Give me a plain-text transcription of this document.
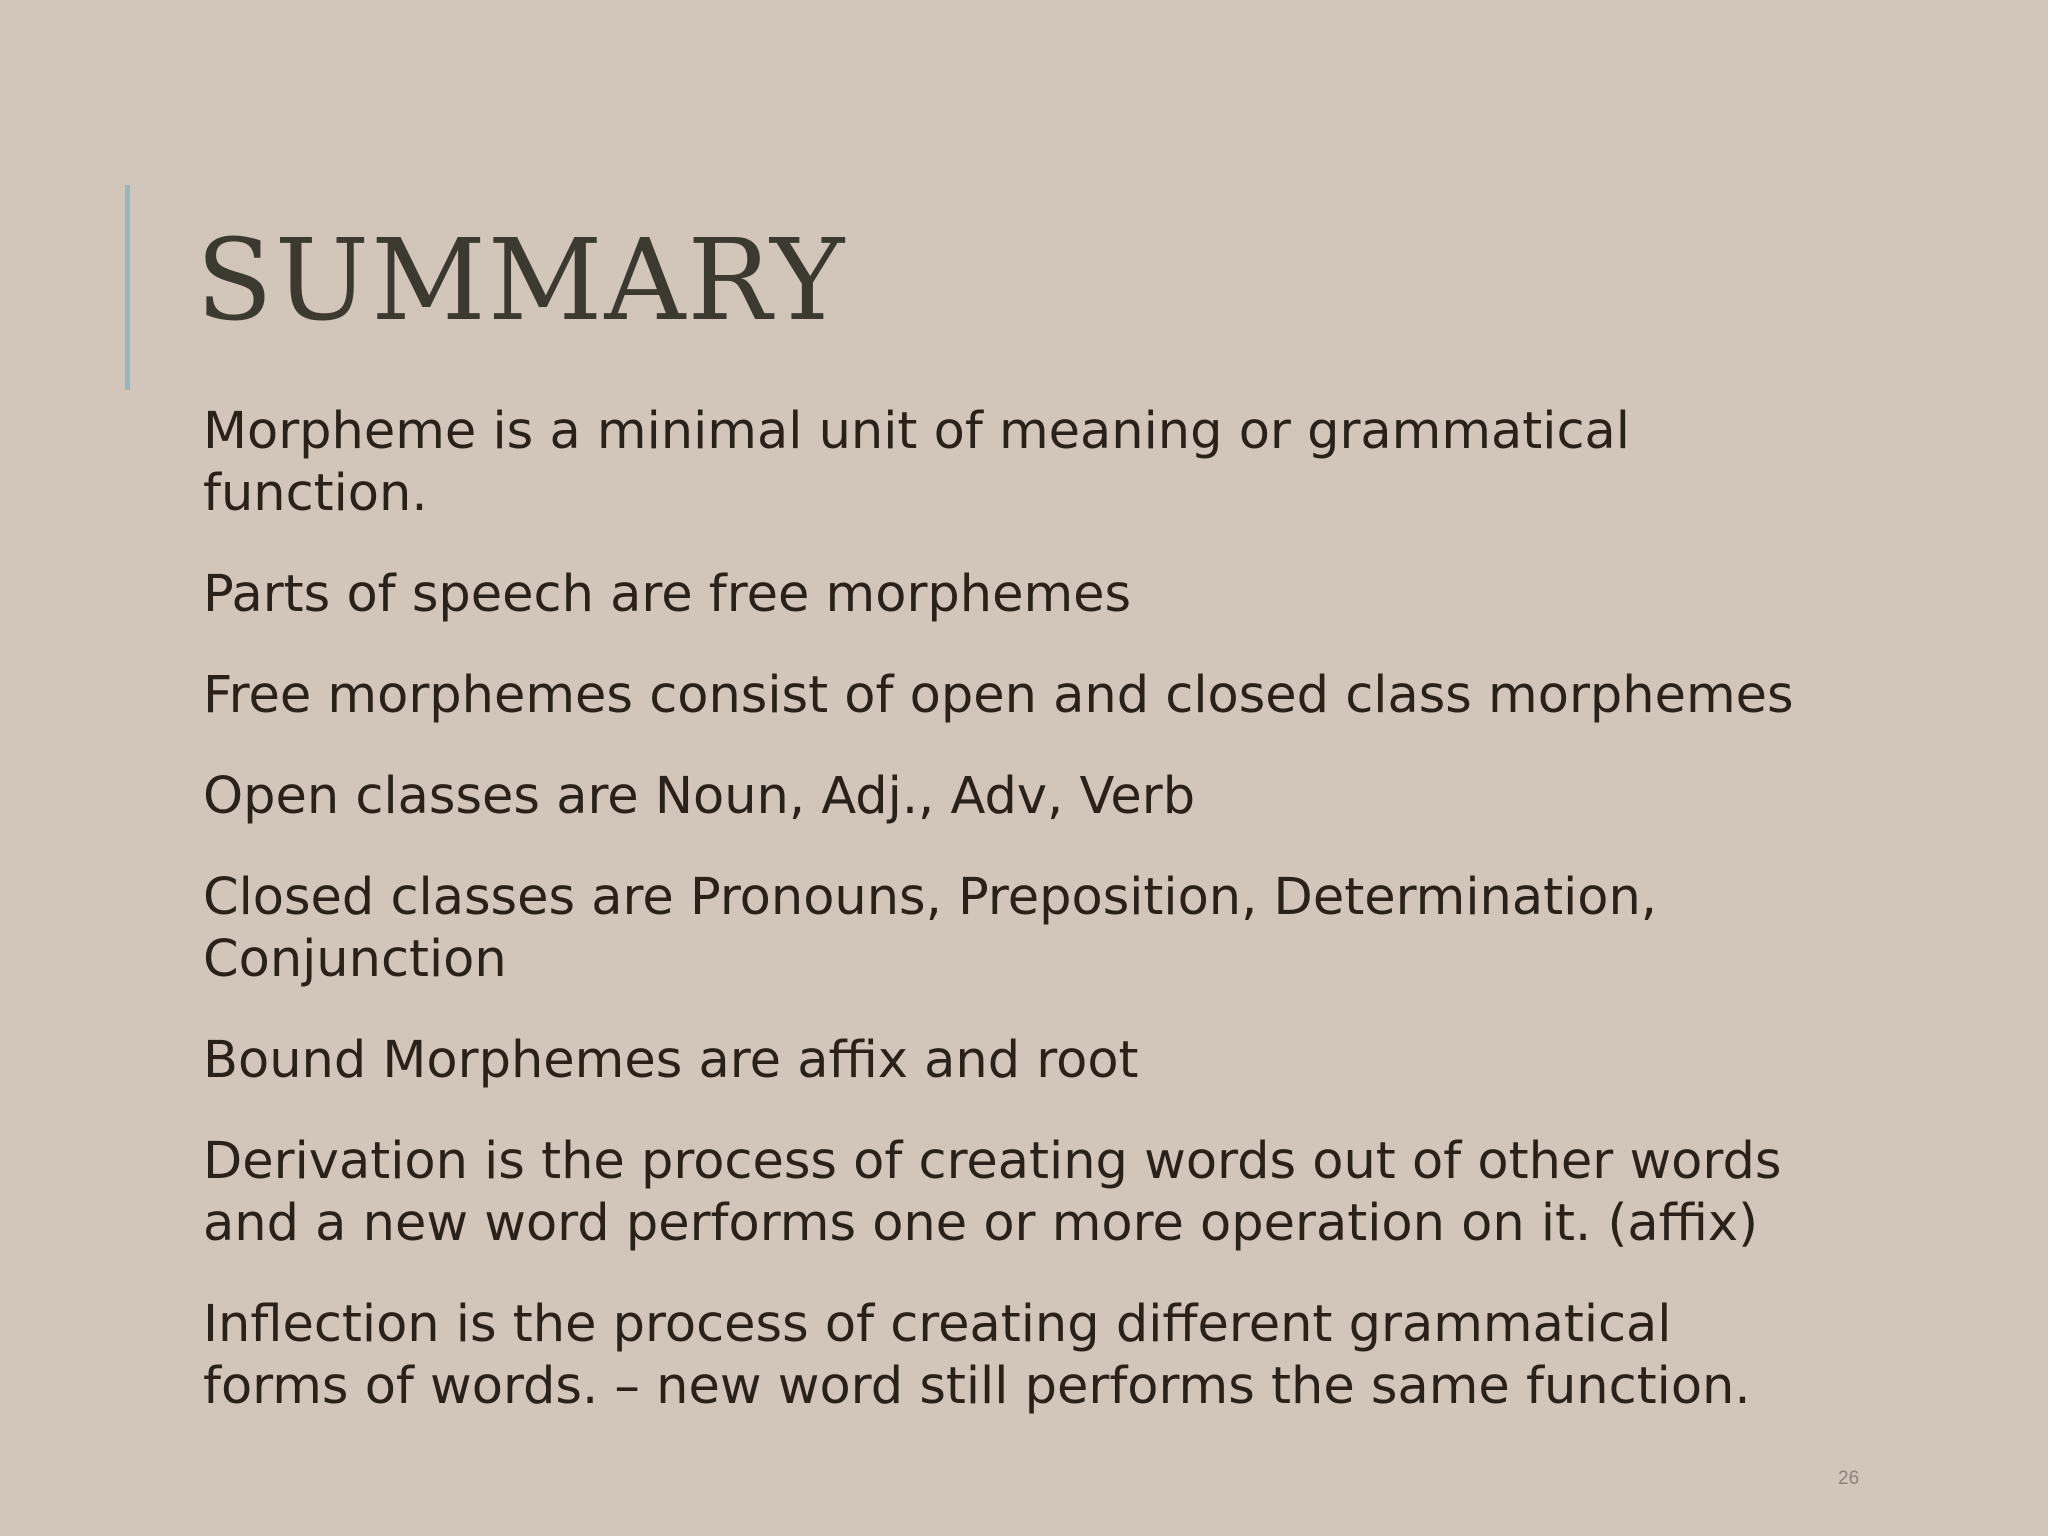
SUMMARY
Morpheme is a minimal unit of meaning or grammatical function.
Parts of speech are free morphemes
Free morphemes consist of open and closed class morphemes
Open classes are Noun, Adj., Adv, Verb
Closed classes are Pronouns, Preposition, Determination, Conjunction
Bound Morphemes are affix and root
Derivation is the process of creating words out of other words and a new word performs one or more operation on it. (affix)
Inflection is the process of creating different grammatical forms of words. – new word still performs the same function.
26
